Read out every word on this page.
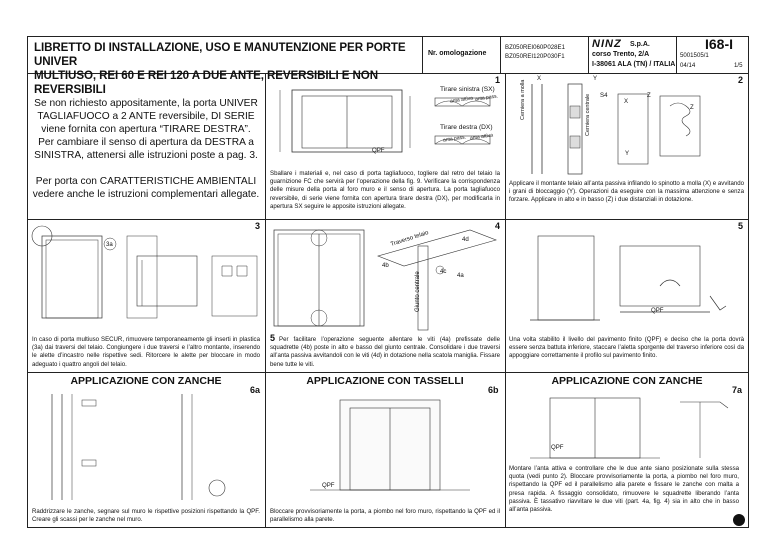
LIBRETTO DI INSTALLAZIONE, USO E MANUTENZIONE PER PORTE UNIVER
MULTIUSO, REI 60 E REI 120 A DUE ANTE, REVERSIBILI E NON REVERSIBILI
Nr. omologazione
BZ050REI060P028E1
BZ050REI120P030F1
NINZ S.p.A.
corso Trento, 2/A
I-38061 ALA (TN) / ITALIA
I68-I
5001505/1
04/14	1/5
Se non richiesto appositamente, la porta UNIVER TAGLIAFUOCO a 2 ANTE reversibile, DI SERIE viene fornita con apertura “TIRARE DESTRA”. Per cambiare il senso di apertura da DESTRA a SINISTRA, attenersi alle istruzioni poste a pag. 3.
Per porta con CARATTERISTICHE AMBIENTALI vedere anche le istruzioni complementari allegate.
1
Tirare sinistra (SX)
Tirare destra (DX)
anta attiva anta pass.
anta pass. anta attiva
QPF
Sballare i materiali e, nel caso di porta tagliafuoco, togliere dal retro del telaio la guarnizione FC che servirà per l’operazione della fig. 9. Verificare la corrispondenza delle misure della porta al foro muro e il senso di apertura. La porta tagliafuoco reversibile, di serie viene fornita con apertura tirare destra (DX), per modificarla in apertura SX seguire le apposite istruzioni allegate.
2
X	Y
S4
X
Z
Z
Y
Cerniera a molla	Cerniera centrale
Applicare il montante telaio all’anta passiva infilando lo spinotto a molla (X) e avvitando i grani di bloccaggio (Y). Operazioni da eseguire con la massima attenzione e senza forzare. Applicare in alto e in basso (Z) i due distanziali in dotazione.
3
3a
In caso di porta multiuso SECUR, rimuovere temporaneamente gli inserti in plastica (3a) dai traversi del telaio. Congiungere i due traversi e l’altro montante, inserendo le alette d’incastro nelle rispettive sedi. Ritorcere le alette per bloccare in modo adeguato i quattro angoli del telaio.
4
Traverso telaio
Giunto centrale
4d
4b
4c
4a
5 Per facilitare l’operazione seguente allentare le viti (4a) prefissate delle squadrette (4b) poste in alto e basso del giunto centrale. Consolidare i due traversi all’anta passiva avvitandoli con le viti (4d) in dotazione nella scatola maniglia. Fissare bene tutte le viti.
5
QPF
Una volta stabilito il livello del pavimento finito (QPF) e deciso che la porta dovrà essere senza battuta inferiore, staccare l’aletta sporgente del traverso inferiore così da appoggiare correttamente il profilo sul pavimento finito.
APPLICAZIONE CON ZANCHE	APPLICAZIONE CON TASSELLI	APPLICAZIONE CON ZANCHE
6a
Raddrizzare le zanche, segnare sul muro le rispettive posizioni rispettando la QPF. Creare gli scassi per le zanche nel muro.
6b
QPF
Bloccare provvisoriamente la porta, a piombo nel foro muro, rispettando la QPF ed il parallelismo alla parete.
7a
QPF
Montare l’anta attiva e controllare che le due ante siano posizionate sulla stessa quota (vedi punto 2). Bloccare provvisoriamente la porta, a piombo nel foro muro, rispettando la QPF ed il parallelismo alla parete e fissare le zanche con malta a presa rapida. A fissaggio consolidato, rimuovere le squadrette liberando l’anta passiva. È tassativo riavvitare le due viti (part. 4a, fig. 4) sia in alto che in basso all’anta passiva.
